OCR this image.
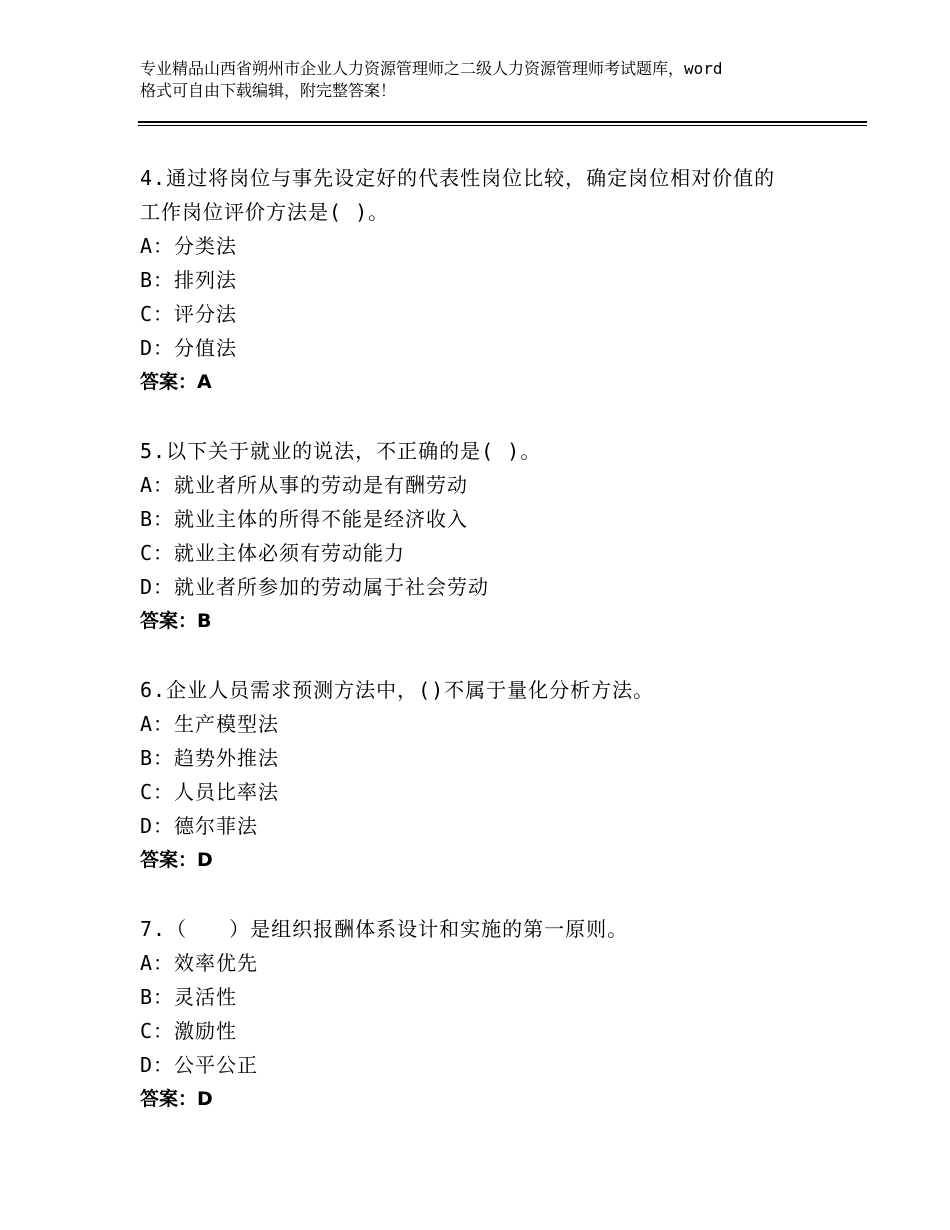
专业精品山西省朔州市企业人力资源管理师之二级人力资源管理师考试题库，word
格式可自由下载编辑，附完整答案！
4.通过将岗位与事先设定好的代表性岗位比较，确定岗位相对价值的
工作岗位评价方法是( )。
A：分类法
B：排列法
C：评分法
D：分值法
答案：A
5.以下关于就业的说法，不正确的是( )。
A：就业者所从事的劳动是有酬劳动
B：就业主体的所得不能是经济收入
C：就业主体必须有劳动能力
D：就业者所参加的劳动属于社会劳动
答案：B
6.企业人员需求预测方法中，()不属于量化分析方法。
A：生产模型法
B：趋势外推法
C：人员比率法
D：德尔菲法
答案：D
7.（　　）是组织报酬体系设计和实施的第一原则。
A：效率优先
B：灵活性
C：激励性
D：公平公正
答案：D
